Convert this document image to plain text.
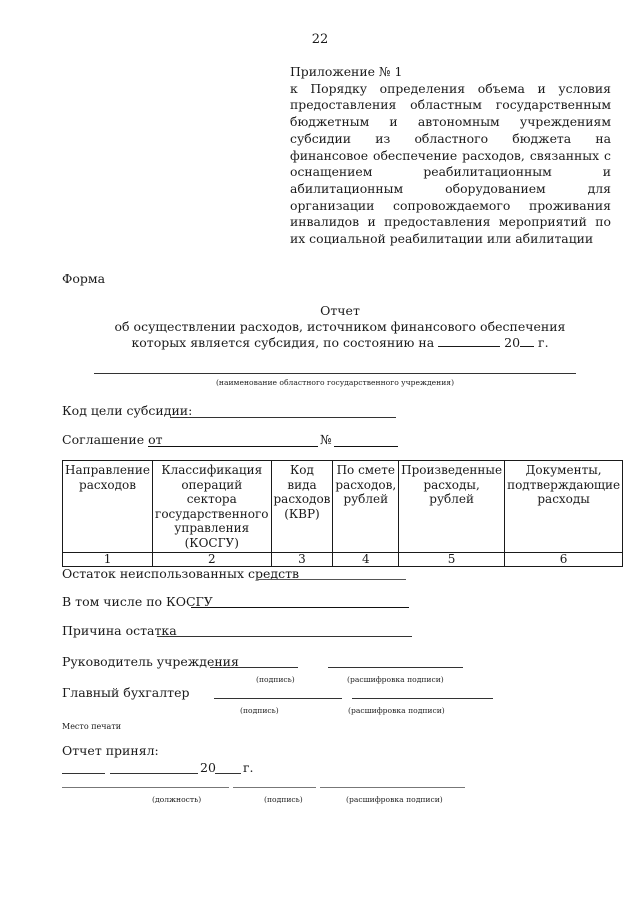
22
Приложение № 1
к Порядку определения объема и условия предоставления областным государственным бюджетным и автономным учреждениям субсидии из областного бюджета на финансовое обеспечение расходов, связанных с оснащением реабилитационным и абилитационным оборудованием для организации сопровождаемого проживания инвалидов и предоставления мероприятий по их социальной реабилитации или абилитации
Форма
Отчет
об осуществлении расходов, источником финансового обеспечения
которых является субсидия, по состоянию на	20 г.
(наименование областного государственного учреждения)
Код цели субсидии:
Соглашение от	№
Направление расходов	Классификация операций сектора государственного управления (КОСГУ)	Код вида расходов (КВР)	По смете расходов, рублей	Произведенные расходы, рублей	Документы, подтверждающие расходы
1	2	3	4	5	6
Остаток неиспользованных средств
В том числе по КОСГУ
Причина остатка
Руководитель учреждения
(подпись)	(расшифровка подписи)
Главный бухгалтер
(подпись)	(расшифровка подписи)
Место печати
Отчет принял:
20 г.
(должность)	(подпись)	(расшифровка подписи)
